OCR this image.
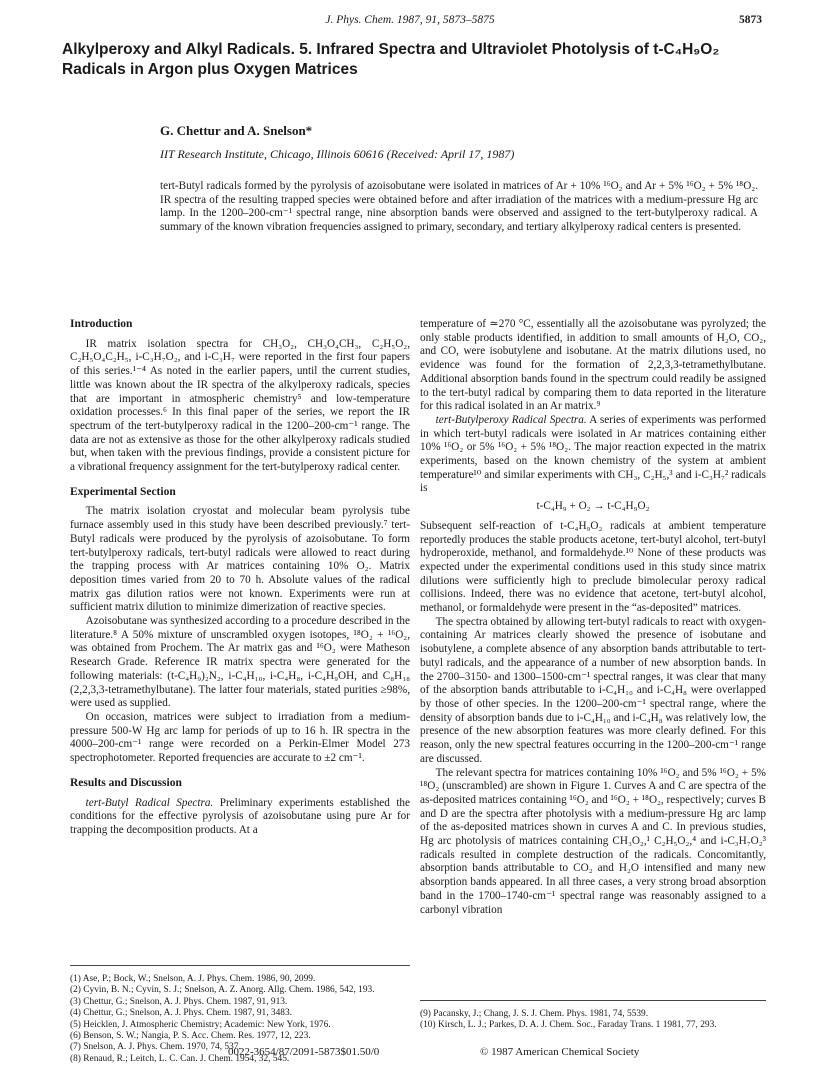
J. Phys. Chem. 1987, 91, 5873–5875	5873
Alkylperoxy and Alkyl Radicals. 5. Infrared Spectra and Ultraviolet Photolysis of t-C₄H₉O₂ Radicals in Argon plus Oxygen Matrices

G. Chettur and A. Snelson*

IIT Research Institute, Chicago, Illinois 60616 (Received: April 17, 1987)

tert-Butyl radicals formed by the pyrolysis of azoisobutane were isolated in matrices of Ar + 10% ¹⁶O₂ and Ar + 5% ¹⁶O₂ + 5% ¹⁸O₂. IR spectra of the resulting trapped species were obtained before and after irradiation of the matrices with a medium-pressure Hg arc lamp. In the 1200–200-cm⁻¹ spectral range, nine absorption bands were observed and assigned to the tert-butylperoxy radical. A summary of the known vibration frequencies assigned to primary, secondary, and tertiary alkylperoxy radical centers is presented.

Introduction

IR matrix isolation spectra for CH₃O₂, CH₃O₄CH₃, C₂H₅O₂, C₂H₅O₄C₂H₅, i-C₃H₇O₂, and i-C₃H₇ were reported in the first four papers of this series.¹⁻⁴ As noted in the earlier papers, until the current studies, little was known about the IR spectra of the alkylperoxy radicals, species that are important in atmospheric chemistry⁵ and low-temperature oxidation processes.⁶ In this final paper of the series, we report the IR spectrum of the tert-butylperoxy radical in the 1200–200-cm⁻¹ range. The data are not as extensive as those for the other alkylperoxy radicals studied but, when taken with the previous findings, provide a consistent picture for a vibrational frequency assignment for the tert-butylperoxy radical center.

Experimental Section

The matrix isolation cryostat and molecular beam pyrolysis tube furnace assembly used in this study have been described previously.⁷ tert-Butyl radicals were produced by the pyrolysis of azoisobutane. To form tert-butylperoxy radicals, tert-butyl radicals were allowed to react during the trapping process with Ar matrices containing 10% O₂. Matrix deposition times varied from 20 to 70 h. Absolute values of the radical matrix gas dilution ratios were not known. Experiments were run at sufficient matrix dilution to minimize dimerization of reactive species.

Azoisobutane was synthesized according to a procedure described in the literature.⁸ A 50% mixture of unscrambled oxygen isotopes, ¹⁸O₂ + ¹⁶O₂, was obtained from Prochem. The Ar matrix gas and ¹⁶O₂ were Matheson Research Grade. Reference IR matrix spectra were generated for the following materials: (t-C₄H₉)₂N₂, i-C₄H₁₀, i-C₄H₈, i-C₄H₉OH, and C₈H₁₈ (2,2,3,3-tetramethylbutane). The latter four materials, stated purities ≥98%, were used as supplied.

On occasion, matrices were subject to irradiation from a medium-pressure 500-W Hg arc lamp for periods of up to 16 h. IR spectra in the 4000–200-cm⁻¹ range were recorded on a Perkin-Elmer Model 273 spectrophotometer. Reported frequencies are accurate to ±2 cm⁻¹.

Results and Discussion

tert-Butyl Radical Spectra. Preliminary experiments established the conditions for the effective pyrolysis of azoisobutane using pure Ar for trapping the decomposition products. At a

temperature of ≃270 °C, essentially all the azoisobutane was pyrolyzed; the only stable products identified, in addition to small amounts of H₂O, CO₂, and CO, were isobutylene and isobutane. At the matrix dilutions used, no evidence was found for the formation of 2,2,3,3-tetramethylbutane. Additional absorption bands found in the spectrum could readily be assigned to the tert-butyl radical by comparing them to data reported in the literature for this radical isolated in an Ar matrix.⁹

tert-Butylperoxy Radical Spectra. A series of experiments was performed in which tert-butyl radicals were isolated in Ar matrices containing either 10% ¹⁶O₂ or 5% ¹⁶O₂ + 5% ¹⁸O₂. The major reaction expected in the matrix experiments, based on the known chemistry of the system at ambient temperature¹⁰ and similar experiments with CH₃, C₂H₅,³ and i-C₃H₇² radicals is

t-C₄H₉ + O₂ → t-C₄H₉O₂

Subsequent self-reaction of t-C₄H₉O₂ radicals at ambient temperature reportedly produces the stable products acetone, tert-butyl alcohol, tert-butyl hydroperoxide, methanol, and formaldehyde.¹⁰ None of these products was expected under the experimental conditions used in this study since matrix dilutions were sufficiently high to preclude bimolecular peroxy radical collisions. Indeed, there was no evidence that acetone, tert-butyl alcohol, methanol, or formaldehyde were present in the “as-deposited” matrices.

The spectra obtained by allowing tert-butyl radicals to react with oxygen-containing Ar matrices clearly showed the presence of isobutane and isobutylene, a complete absence of any absorption bands attributable to tert-butyl radicals, and the appearance of a number of new absorption bands. In the 2700–3150- and 1300–1500-cm⁻¹ spectral ranges, it was clear that many of the absorption bands attributable to i-C₄H₁₀ and i-C₄H₈ were overlapped by those of other species. In the 1200–200-cm⁻¹ spectral range, where the density of absorption bands due to i-C₄H₁₀ and i-C₄H₈ was relatively low, the presence of the new absorption features was more clearly defined. For this reason, only the new spectral features occurring in the 1200–200-cm⁻¹ range are discussed.

The relevant spectra for matrices containing 10% ¹⁶O₂ and 5% ¹⁶O₂ + 5% ¹⁸O₂ (unscrambled) are shown in Figure 1. Curves A and C are spectra of the as-deposited matrices containing ¹⁶O₂ and ¹⁶O₂ + ¹⁸O₂, respectively; curves B and D are the spectra after photolysis with a medium-pressure Hg arc lamp of the as-deposited matrices shown in curves A and C. In previous studies, Hg arc photolysis of matrices containing CH₃O₂,¹ C₂H₅O₂,⁴ and i-C₃H₇O₂³ radicals resulted in complete destruction of the radicals. Concomitantly, absorption bands attributable to CO₂ and H₂O intensified and many new absorption bands appeared. In all three cases, a very strong broad absorption band in the 1700–1740-cm⁻¹ spectral range was reasonably assigned to a carbonyl vibration

(1) Ase, P.; Bock, W.; Snelson, A. J. Phys. Chem. 1986, 90, 2099.

(2) Cyvin, B. N.; Cyvin, S. J.; Snelson, A. Z. Anorg. Allg. Chem. 1986, 542, 193.

(3) Chettur, G.; Snelson, A. J. Phys. Chem. 1987, 91, 913.

(4) Chettur, G.; Snelson, A. J. Phys. Chem. 1987, 91, 3483.

(5) Heicklen, J. Atmospheric Chemistry; Academic: New York, 1976.

(6) Benson, S. W.; Nangia, P. S. Acc. Chem. Res. 1977, 12, 223.

(7) Snelson, A. J. Phys. Chem. 1970, 74, 537.

(8) Renaud, R.; Leitch, L. C. Can. J. Chem. 1954, 32, 545.

(9) Pacansky, J.; Chang, J. S. J. Chem. Phys. 1981, 74, 5539.

(10) Kirsch, L. J.; Parkes, D. A. J. Chem. Soc., Faraday Trans. 1 1981, 77, 293.

0022-3654/87/2091-5873$01.50/0	© 1987 American Chemical Society
